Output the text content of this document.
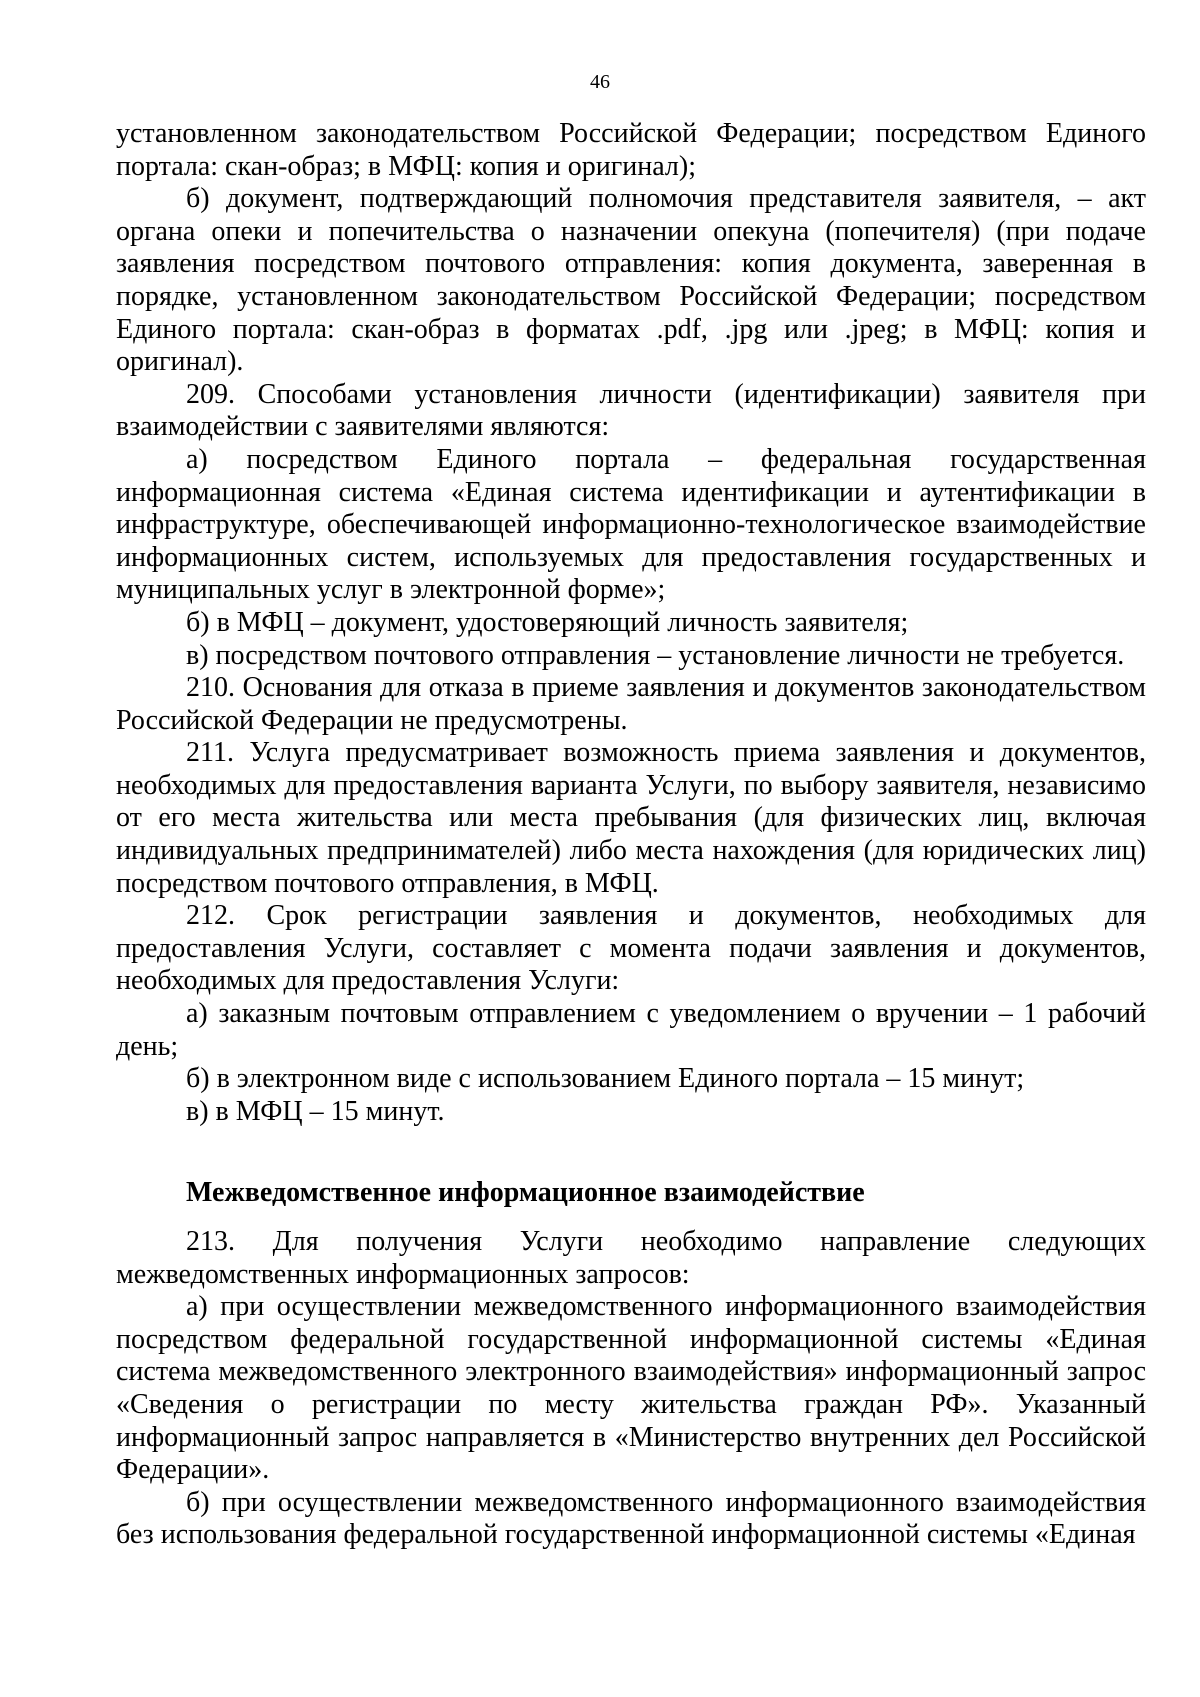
46

установленном законодательством Российской Федерации; посредством Единого портала: скан-образ; в МФЦ: копия и оригинал);

б) документ, подтверждающий полномочия представителя заявителя, – акт органа опеки и попечительства о назначении опекуна (попечителя) (при подаче заявления посредством почтового отправления: копия документа, заверенная в порядке, установленном законодательством Российской Федерации; посредством Единого портала: скан-образ в форматах .pdf, .jpg или .jpeg; в МФЦ: копия и оригинал).

209. Способами установления личности (идентификации) заявителя при взаимодействии с заявителями являются:

а) посредством Единого портала – федеральная государственная информационная система «Единая система идентификации и аутентификации в инфраструктуре, обеспечивающей информационно-технологическое взаимодействие информационных систем, используемых для предоставления государственных и муниципальных услуг в электронной форме»;

б) в МФЦ – документ, удостоверяющий личность заявителя;

в) посредством почтового отправления – установление личности не требуется.

210. Основания для отказа в приеме заявления и документов законодательством Российской Федерации не предусмотрены.

211. Услуга предусматривает возможность приема заявления и документов, необходимых для предоставления варианта Услуги, по выбору заявителя, независимо от его места жительства или места пребывания (для физических лиц, включая индивидуальных предпринимателей) либо места нахождения (для юридических лиц) посредством почтового отправления, в МФЦ.

212. Срок регистрации заявления и документов, необходимых для предоставления Услуги, составляет с момента подачи заявления и документов, необходимых для предоставления Услуги:

а) заказным почтовым отправлением с уведомлением о вручении – 1 рабочий день;

б) в электронном виде с использованием Единого портала – 15 минут;

в) в МФЦ – 15 минут.

Межведомственное информационное взаимодействие

213. Для получения Услуги необходимо направление следующих межведомственных информационных запросов:

а) при осуществлении межведомственного информационного взаимодействия посредством федеральной государственной информационной системы «Единая система межведомственного электронного взаимодействия» информационный запрос «Сведения о регистрации по месту жительства граждан РФ». Указанный информационный запрос направляется в «Министерство внутренних дел Российской Федерации».

б) при осуществлении межведомственного информационного взаимодействия без использования федеральной государственной информационной системы «Единая
